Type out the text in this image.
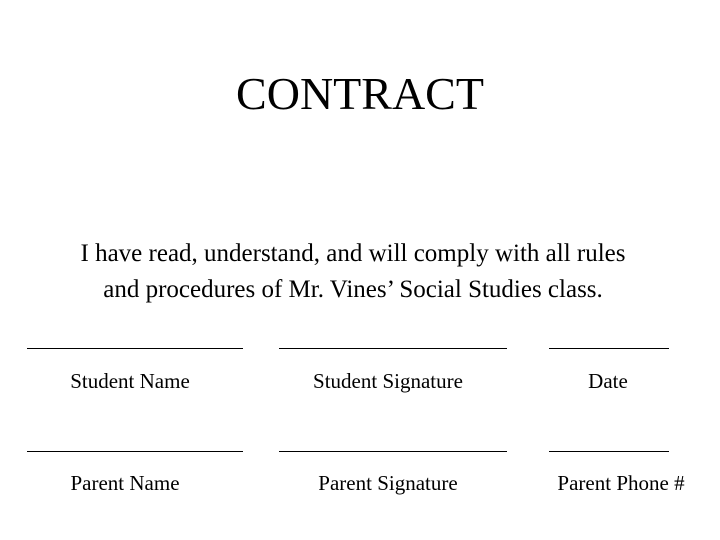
CONTRACT
I have read, understand, and will comply with all rules
and procedures of Mr. Vines’ Social Studies class.
Student Name	Student Signature	Date
Parent Name	Parent Signature	Parent Phone #
